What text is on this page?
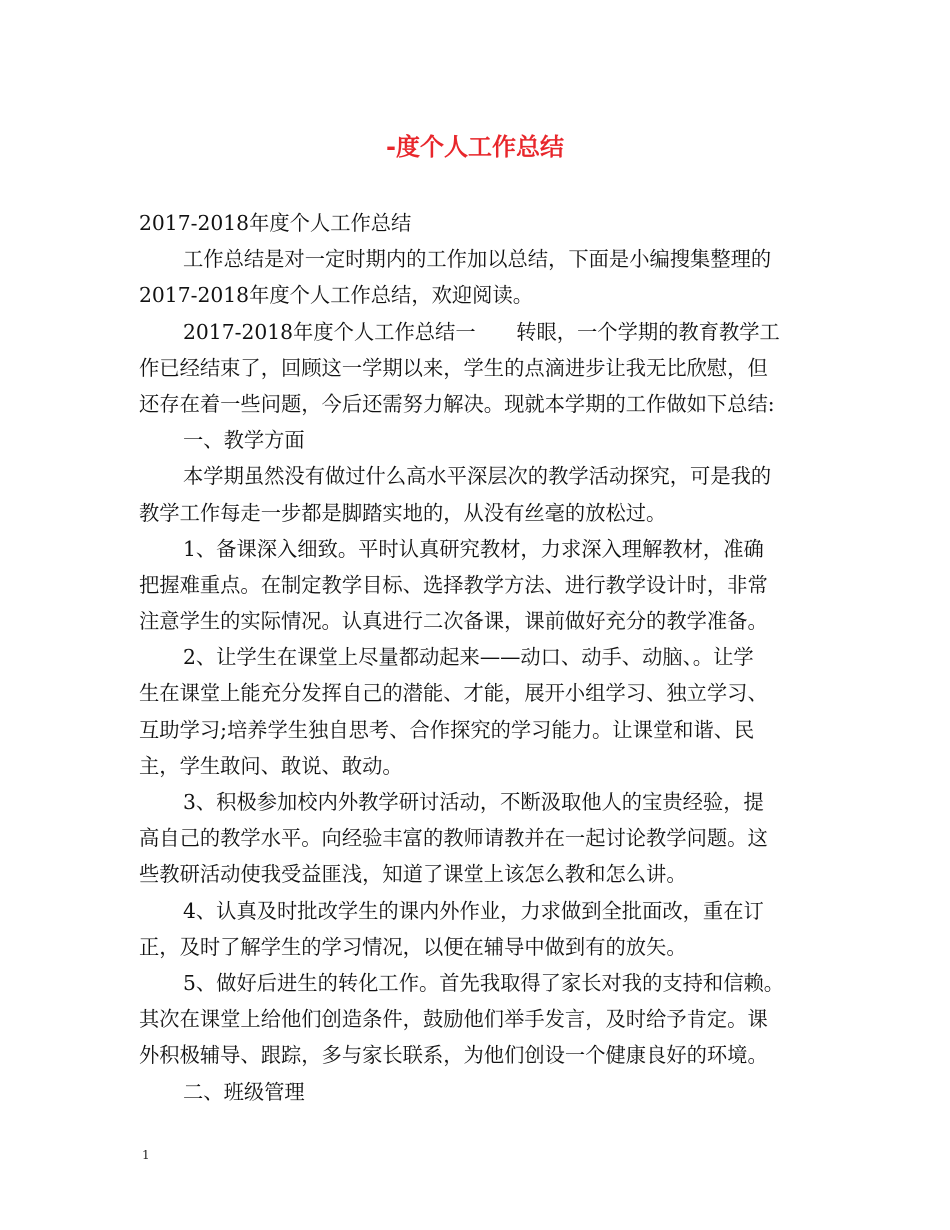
-度个人工作总结
2017-2018年度个人工作总结
工作总结是对一定时期内的工作加以总结，下面是小编搜集整理的
2017-2018年度个人工作总结，欢迎阅读。
2017-2018年度个人工作总结一　　转眼，一个学期的教育教学工
作已经结束了，回顾这一学期以来，学生的点滴进步让我无比欣慰，但
还存在着一些问题，今后还需努力解决。现就本学期的工作做如下总结:
一、教学方面
本学期虽然没有做过什么高水平深层次的教学活动探究，可是我的
教学工作每走一步都是脚踏实地的，从没有丝毫的放松过。
1、备课深入细致。平时认真研究教材，力求深入理解教材，准确
把握难重点。在制定教学目标、选择教学方法、进行教学设计时，非常
注意学生的实际情况。认真进行二次备课，课前做好充分的教学准备。
2、让学生在课堂上尽量都动起来——动口、动手、动脑、。让学
生在课堂上能充分发挥自己的潜能、才能，展开小组学习、独立学习、
互助学习;培养学生独自思考、合作探究的学习能力。让课堂和谐、民
主，学生敢问、敢说、敢动。
3、积极参加校内外教学研讨活动，不断汲取他人的宝贵经验，提
高自己的教学水平。向经验丰富的教师请教并在一起讨论教学问题。这
些教研活动使我受益匪浅，知道了课堂上该怎么教和怎么讲。
4、认真及时批改学生的课内外作业，力求做到全批面改，重在订
正，及时了解学生的学习情况，以便在辅导中做到有的放矢。
5、做好后进生的转化工作。首先我取得了家长对我的支持和信赖。
其次在课堂上给他们创造条件，鼓励他们举手发言，及时给予肯定。课
外积极辅导、跟踪，多与家长联系，为他们创设一个健康良好的环境。
二、班级管理
1
